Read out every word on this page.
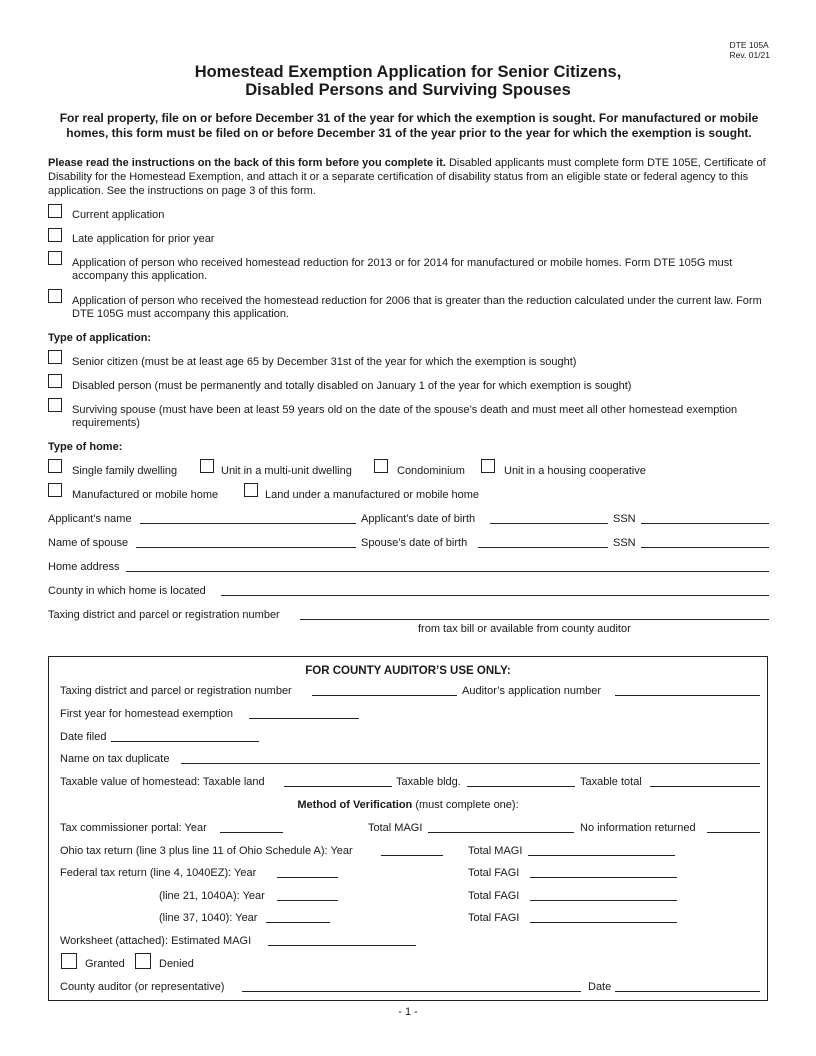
DTE 105A
Rev. 01/21
Homestead Exemption Application for Senior Citizens,
Disabled Persons and Surviving Spouses
For real property, file on or before December 31 of the year for which the exemption is sought. For manufactured or mobile homes, this form must be filed on or before December 31 of the year prior to the year for which the exemption is sought.
Please read the instructions on the back of this form before you complete it. Disabled applicants must complete form DTE 105E, Certificate of Disability for the Homestead Exemption, and attach it or a separate certification of disability status from an eligible state or federal agency to this application. See the instructions on page 3 of this form.
Current application
Late application for prior year
Application of person who received homestead reduction for 2013 or for 2014 for manufactured or mobile homes. Form DTE 105G must accompany this application.
Application of person who received the homestead reduction for 2006 that is greater than the reduction calculated under the current law. Form DTE 105G must accompany this application.
Type of application:
Senior citizen (must be at least age 65 by December 31st of the year for which the exemption is sought)
Disabled person (must be permanently and totally disabled on January 1 of the year for which exemption is sought)
Surviving spouse (must have been at least 59 years old on the date of the spouse’s death and must meet all other homestead exemption requirements)
Type of home:
Single family dwelling	Unit in a multi-unit dwelling	Condominium	Unit in a housing cooperative
Manufactured or mobile home	Land under a manufactured or mobile home
Applicant’s name	Applicant’s date of birth	SSN
Name of spouse	Spouse’s date of birth	SSN
Home address
County in which home is located
Taxing district and parcel or registration number
from tax bill or available from county auditor
FOR COUNTY AUDITOR’S USE ONLY:
Taxing district and parcel or registration number	Auditor’s application number
First year for homestead exemption
Date filed
Name on tax duplicate
Taxable value of homestead: Taxable land	Taxable bldg.	Taxable total
Method of Verification (must complete one):
Tax commissioner portal: Year	Total MAGI	No information returned
Ohio tax return (line 3 plus line 11 of Ohio Schedule A): Year	Total MAGI
Federal tax return (line 4, 1040EZ): Year	Total FAGI
(line 21, 1040A): Year	Total FAGI
(line 37, 1040): Year	Total FAGI
Worksheet (attached): Estimated MAGI
Granted	Denied
County auditor (or representative)	Date
- 1 -
